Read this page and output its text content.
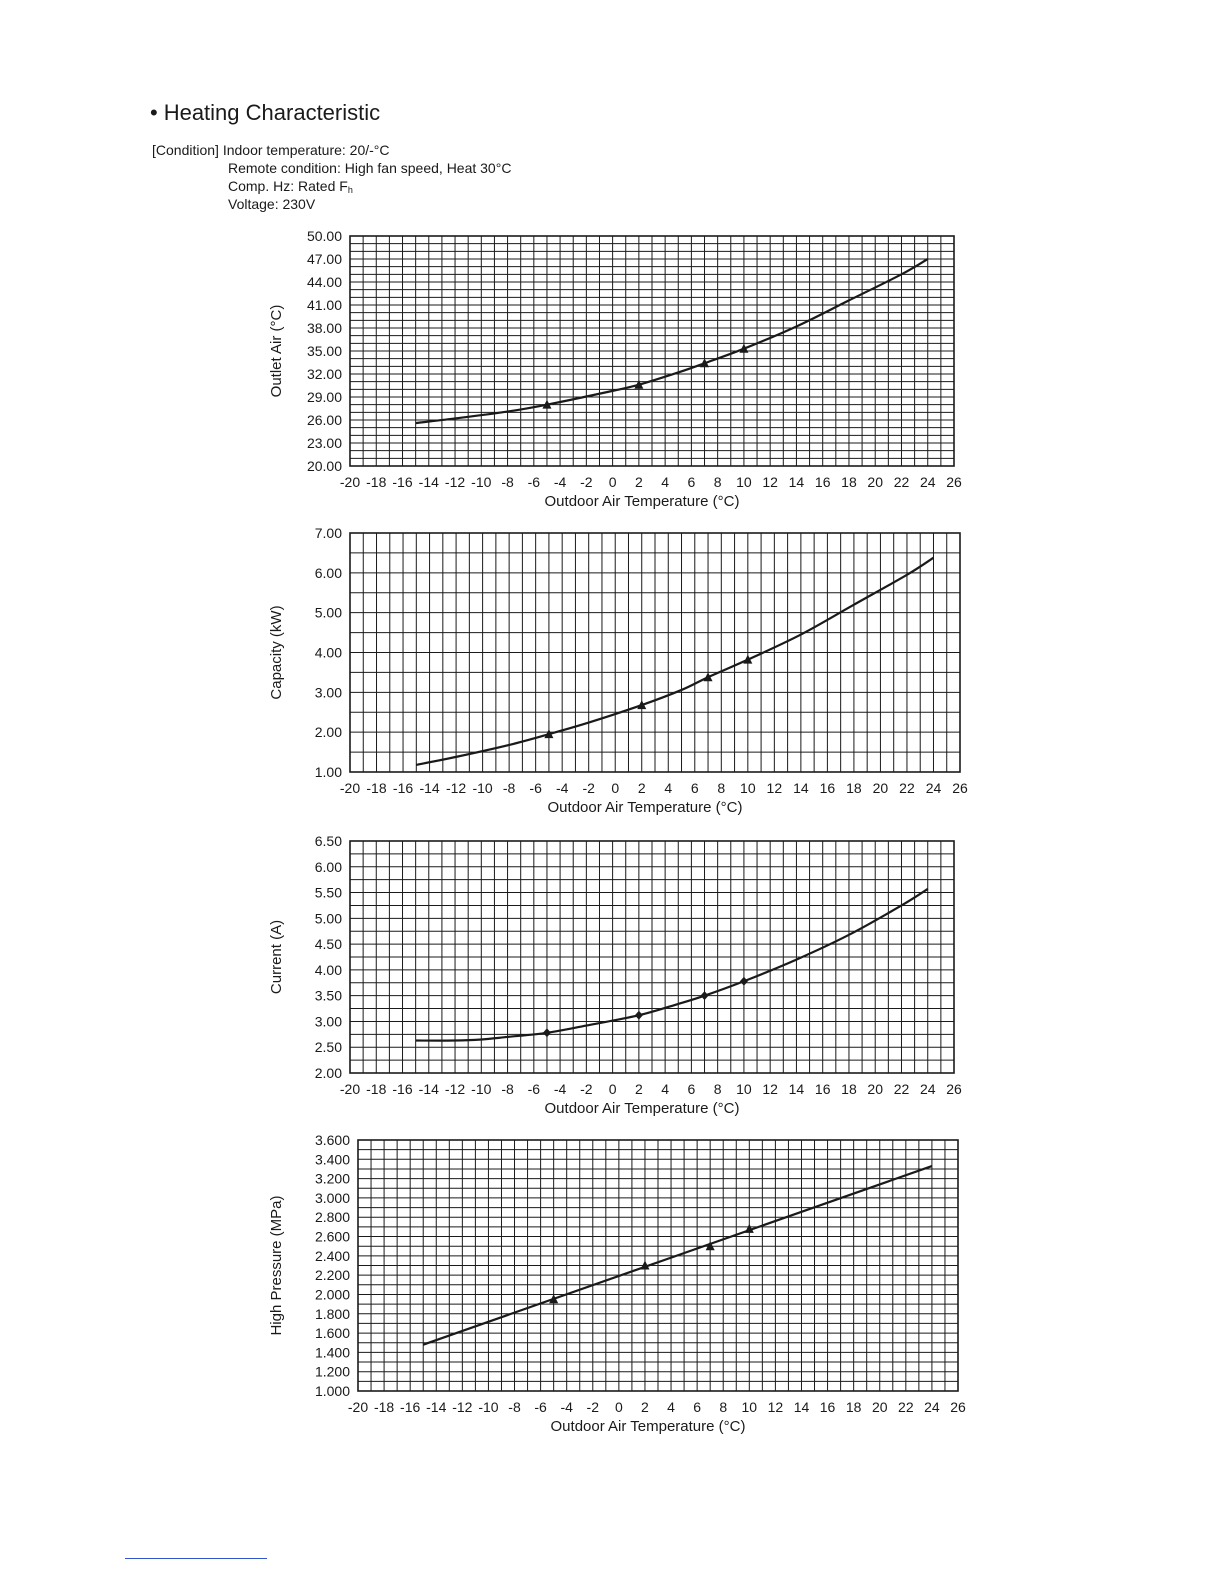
• Heating Characteristic
[Condition] Indoor temperature: 20/-°C
Remote condition: High fan speed, Heat 30°C
Comp. Hz: Rated $F_h$
Voltage: 230V
-20 -18 -16 -14 -12 -10 -8 -6 -4 -2 0 2 4 6 8 10 12 14 16 18 20 22 24 26
20.00
23.00
26.00
29.00
32.00
35.00
38.00
41.00
44.00
47.00
50.00
Outdoor Air Temperature (°C)
Outlet Air (°C)
-20 -18 -16 -14 -12 -10 -8 -6 -4 -2 0 2 4 6 8 10 12 14 16 18 20 22 24 26
1.00
2.00
3.00
4.00
5.00
6.00
7.00
Outdoor Air Temperature (°C)
Capacity (kW)
-20 -18 -16 -14 -12 -10 -8 -6 -4 -2 0 2 4 6 8 10 12 14 16 18 20 22 24 26
2.00
2.50
3.00
3.50
4.00
4.50
5.00
5.50
6.00
6.50
Outdoor Air Temperature (°C)
Current (A)
-20 -18 -16 -14 -12 -10 -8 -6 -4 -2 0 2 4 6 8 10 12 14 16 18 20 22 24 26
1.000
1.200
1.400
1.600
1.800
2.000
2.200
2.400
2.600
2.800
3.000
3.200
3.400
3.600
Outdoor Air Temperature (°C)
High Pressure (MPa)
